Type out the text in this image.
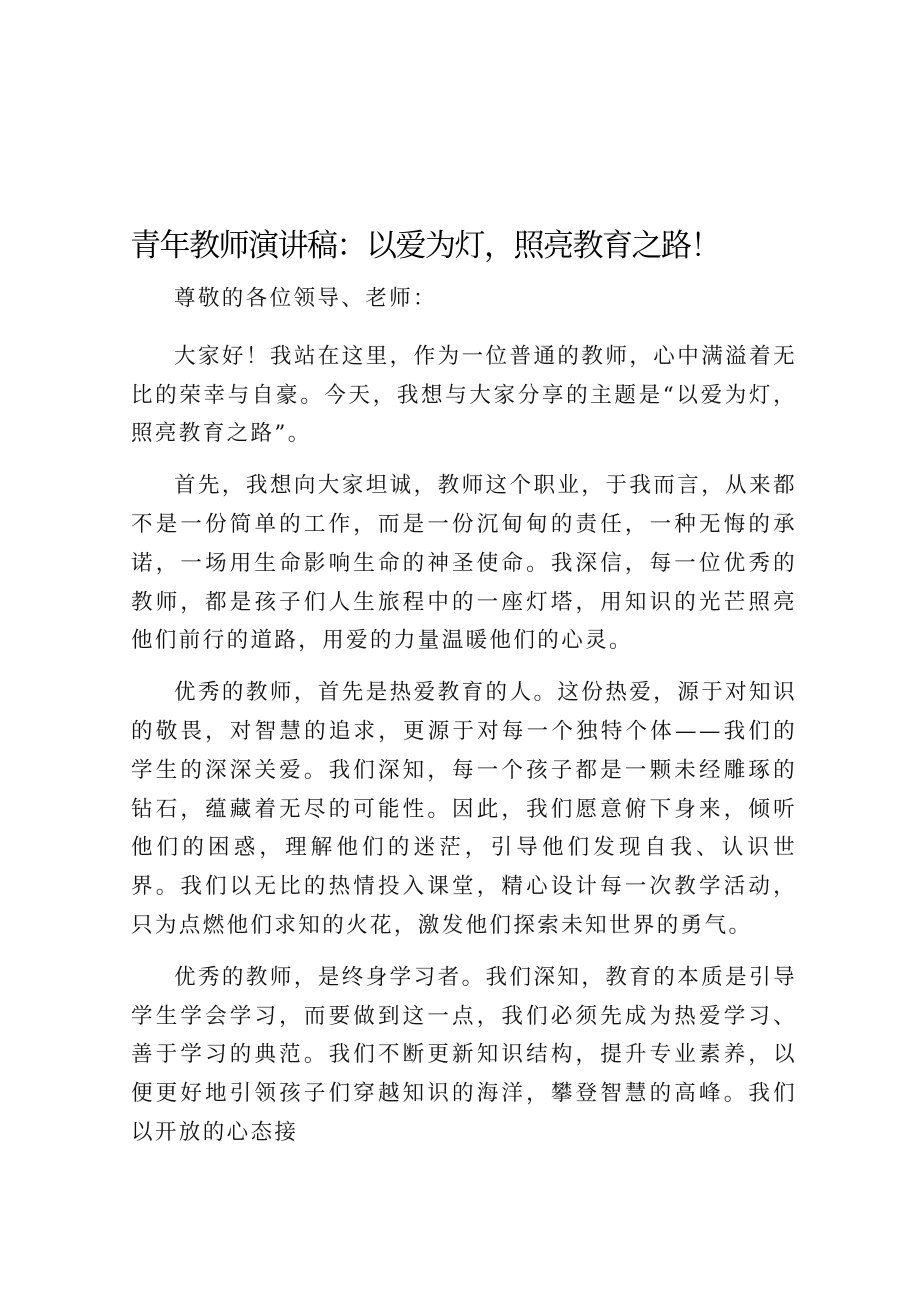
青年教师演讲稿：以爱为灯，照亮教育之路！

尊敬的各位领导、老师：

大家好！我站在这里，作为一位普通的教师，心中满溢着无比的荣幸与自豪。今天，我想与大家分享的主题是“以爱为灯，照亮教育之路”。

首先，我想向大家坦诚，教师这个职业，于我而言，从来都不是一份简单的工作，而是一份沉甸甸的责任，一种无悔的承诺，一场用生命影响生命的神圣使命。我深信，每一位优秀的教师，都是孩子们人生旅程中的一座灯塔，用知识的光芒照亮他们前行的道路，用爱的力量温暖他们的心灵。

优秀的教师，首先是热爱教育的人。这份热爱，源于对知识的敬畏，对智慧的追求，更源于对每一个独特个体——我们的学生的深深关爱。我们深知，每一个孩子都是一颗未经雕琢的钻石，蕴藏着无尽的可能性。因此，我们愿意俯下身来，倾听他们的困惑，理解他们的迷茫，引导他们发现自我、认识世界。我们以无比的热情投入课堂，精心设计每一次教学活动，只为点燃他们求知的火花，激发他们探索未知世界的勇气。

优秀的教师，是终身学习者。我们深知，教育的本质是引导学生学会学习，而要做到这一点，我们必须先成为热爱学习、善于学习的典范。我们不断更新知识结构，提升专业素养，以便更好地引领孩子们穿越知识的海洋，攀登智慧的高峰。我们以开放的心态接
